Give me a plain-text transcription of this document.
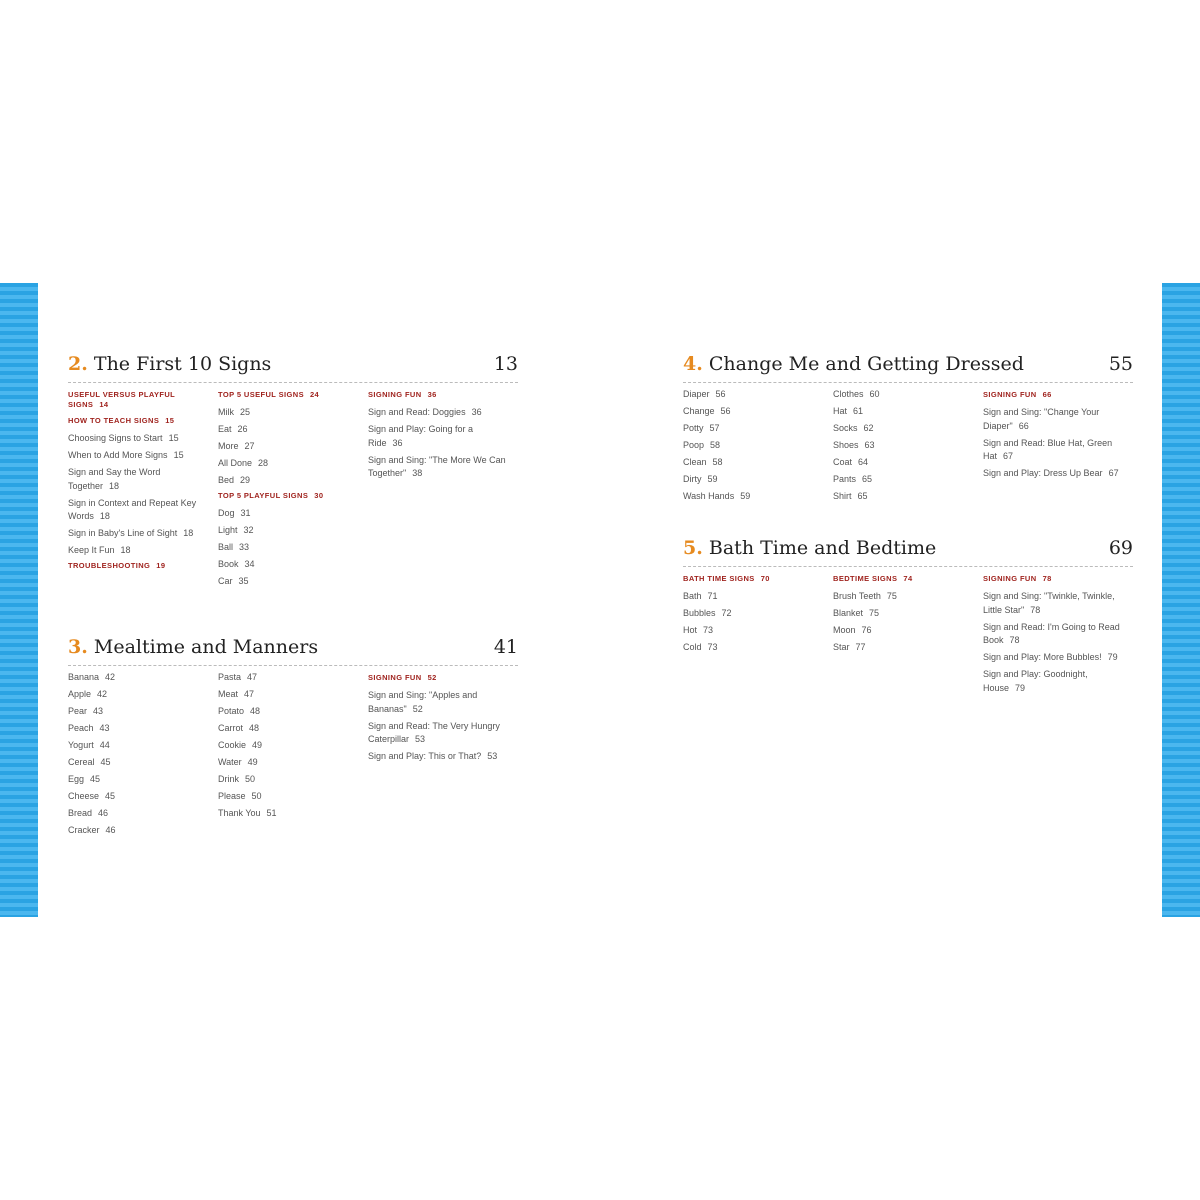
2. The First 10 Signs	13
USEFUL VERSUS PLAYFUL SIGNS 14
HOW TO TEACH SIGNS 15
Choosing Signs to Start 15
When to Add More Signs 15
Sign and Say the Word Together 18
Sign in Context and Repeat Key Words 18
Sign in Baby's Line of Sight 18
Keep It Fun 18
TROUBLESHOOTING 19
TOP 5 USEFUL SIGNS 24
Milk 25
Eat 26
More 27
All Done 28
Bed 29
TOP 5 PLAYFUL SIGNS 30
Dog 31
Light 32
Ball 33
Book 34
Car 35
SIGNING FUN 36
Sign and Read: Doggies 36
Sign and Play: Going for a Ride 36
Sign and Sing: "The More We Can Together" 38
3. Mealtime and Manners	41
Banana 42
Apple 42
Pear 43
Peach 43
Yogurt 44
Cereal 45
Egg 45
Cheese 45
Bread 46
Cracker 46
Pasta 47
Meat 47
Potato 48
Carrot 48
Cookie 49
Water 49
Drink 50
Please 50
Thank You 51
SIGNING FUN 52
Sign and Sing: "Apples and Bananas" 52
Sign and Read: The Very Hungry Caterpillar 53
Sign and Play: This or That? 53
4. Change Me and Getting Dressed	55
Diaper 56
Change 56
Potty 57
Poop 58
Clean 58
Dirty 59
Wash Hands 59
Clothes 60
Hat 61
Socks 62
Shoes 63
Coat 64
Pants 65
Shirt 65
SIGNING FUN 66
Sign and Sing: "Change Your Diaper" 66
Sign and Read: Blue Hat, Green Hat 67
Sign and Play: Dress Up Bear 67
5. Bath Time and Bedtime	69
BATH TIME SIGNS 70
Bath 71
Bubbles 72
Hot 73
Cold 73
BEDTIME SIGNS 74
Brush Teeth 75
Blanket 75
Moon 76
Star 77
SIGNING FUN 78
Sign and Sing: "Twinkle, Twinkle, Little Star" 78
Sign and Read: I'm Going to Read Book 78
Sign and Play: More Bubbles! 79
Sign and Play: Goodnight, House 79
